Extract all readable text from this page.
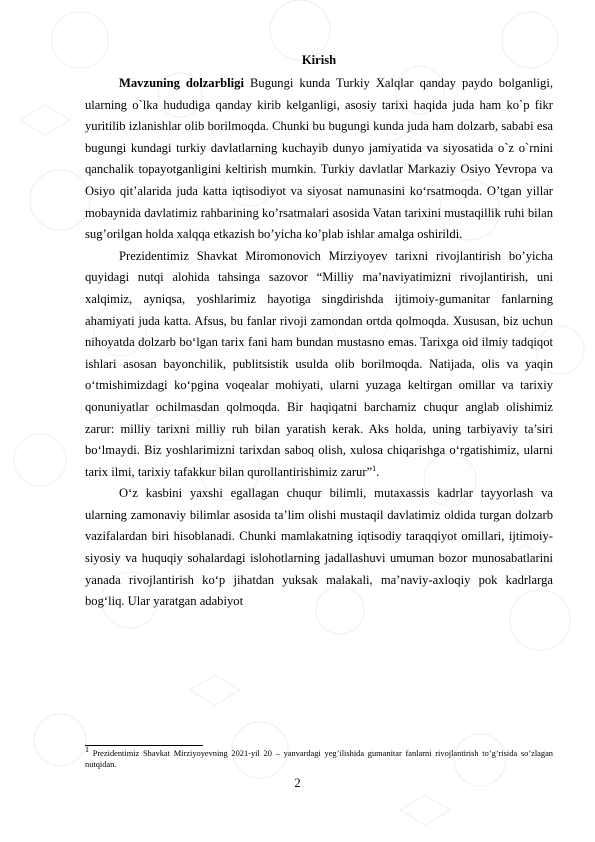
Kirish

Mavzuning dolzarbligi Bugungi kunda Turkiy Xalqlar qanday paydo bolganligi, ularning o`lka hududiga qanday kirib kelganligi, asosiy tarixi haqida juda ham ko`p fikr yuritilib izlanishlar olib borilmoqda. Chunki bu bugungi kunda juda ham dolzarb, sababi esa bugungi kundagi turkiy davlatlarning kuchayib dunyo jamiyatida va siyosatida o`z o`rnini qanchalik topayotganligini keltirish mumkin. Turkiy davlatlar Markaziy Osiyo Yevropa va Osiyo qit’alarida juda katta iqtisodiyot va siyosat namunasini ko‘rsatmoqda. O’tgan yillar mobaynida davlatimiz rahbarining ko’rsatmalari asosida Vatan tarixini mustaqillik ruhi bilan sug’orilgan holda xalqqa etkazish bo’yicha ko’plab ishlar amalga oshirildi.

Prezidentimiz Shavkat Miromonovich Mirziyoyev tarixni rivojlantirish bo’yicha quyidagi nutqi alohida tahsinga sazovor “Milliy ma’naviyatimizni rivojlantirish, uni xalqimiz, ayniqsa, yoshlarimiz hayotiga singdirishda ijtimoiy-gumanitar fanlarning ahamiyati juda katta. Afsus, bu fanlar rivoji zamondan ortda qolmoqda. Xususan, biz uchun nihoyatda dolzarb bo‘lgan tarix fani ham bundan mustasno emas. Tarixga oid ilmiy tadqiqot ishlari asosan bayonchilik, publitsistik usulda olib borilmoqda. Natijada, olis va yaqin o‘tmishimizdagi ko‘pgina voqealar mohiyati, ularni yuzaga keltirgan omillar va tarixiy qonuniyatlar ochilmasdan qolmoqda. Bir haqiqatni barchamiz chuqur anglab olishimiz zarur: milliy tarixni milliy ruh bilan yaratish kerak. Aks holda, uning tarbiyaviy ta’siri bo‘lmaydi. Biz yoshlarimizni tarixdan saboq olish, xulosa chiqarishga o‘rgatishimiz, ularni tarix ilmi, tarixiy tafakkur bilan qurollantirishimiz zarur”$^1$.

O‘z kasbini yaxshi egallagan chuqur bilimli, mutaxassis kadrlar tayyorlash va ularning zamonaviy bilimlar asosida ta’lim olishi mustaqil davlatimiz oldida turgan dolzarb vazifalardan biri hisoblanadi. Chunki mamlakatning iqtisodiy taraqqiyot omillari, ijtimoiy-siyosiy va huquqiy sohalardagi islohotlarning jadallashuvi umuman bozor munosabatlarini yanada rivojlantirish ko‘p jihatdan yuksak malakali, ma’naviy-axloqiy pok kadrlarga bog‘liq. Ular yaratgan adabiyot

$^1$ Prezidentimiz Shavkat Mirziyoyevning 2021-yil 20 – yanvardagi yeg’ilishida gumanitar fanlarni rivojlantirish to’g’risida so’zlagan nutqidan.
2
